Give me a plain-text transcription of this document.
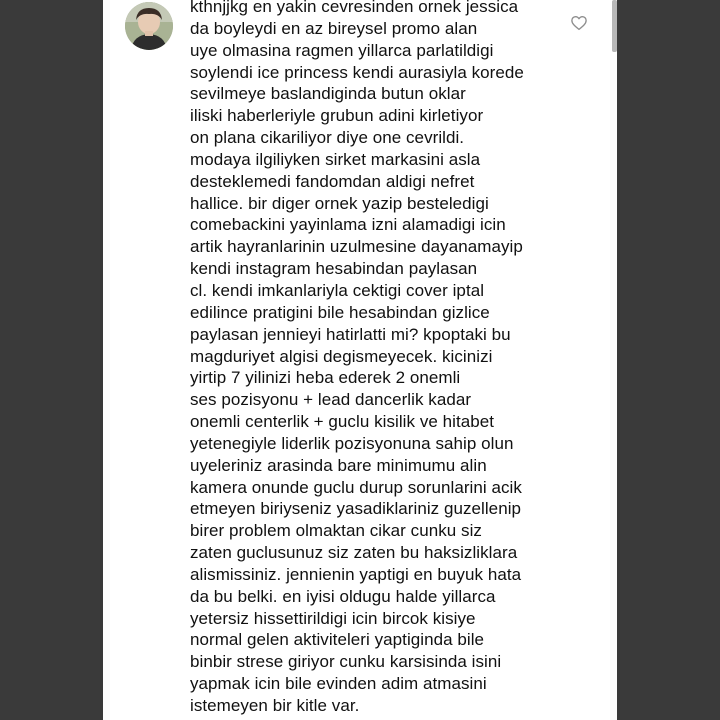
kthnjjkg en yakin cevresinden ornek jessica
da boyleydi en az bireysel promo alan
uye olmasina ragmen yillarca parlatildigi
soylendi ice princess kendi aurasiyla korede
sevilmeye baslandiginda butun oklar
iliski haberleriyle grubun adini kirletiyor
on plana cikariliyor diye one cevrildi.
modaya ilgiliyken sirket markasini asla
desteklemedi fandomdan aldigi nefret
hallice. bir diger ornek yazip besteledigi
comebackini yayinlama izni alamadigi icin
artik hayranlarinin uzulmesine dayanamayip
kendi instagram hesabindan paylasan
cl. kendi imkanlariyla cektigi cover iptal
edilince pratigini bile hesabindan gizlice
paylasan jennieyi hatirlatti mi? kpoptaki bu
magduriyet algisi degismeyecek. kicinizi
yirtip 7 yilinizi heba ederek 2 onemli
ses pozisyonu + lead dancerlik kadar
onemli centerlik + guclu kisilik ve hitabet
yetenegiyle liderlik pozisyonuna sahip olun
uyeleriniz arasinda bare minimumu alin
kamera onunde guclu durup sorunlarini acik
etmeyen biriyseniz yasadiklariniz guzellenip
birer problem olmaktan cikar cunku siz
zaten guclusunuz siz zaten bu haksizliklara
alismissiniz. jennienin yaptigi en buyuk hata
da bu belki. en iyisi oldugu halde yillarca
yetersiz hissettirildigi icin bircok kisiye
normal gelen aktiviteleri yaptiginda bile
binbir strese giriyor cunku karsisinda isini
yapmak icin bile evinden adim atmasini
istemeyen bir kitle var.
